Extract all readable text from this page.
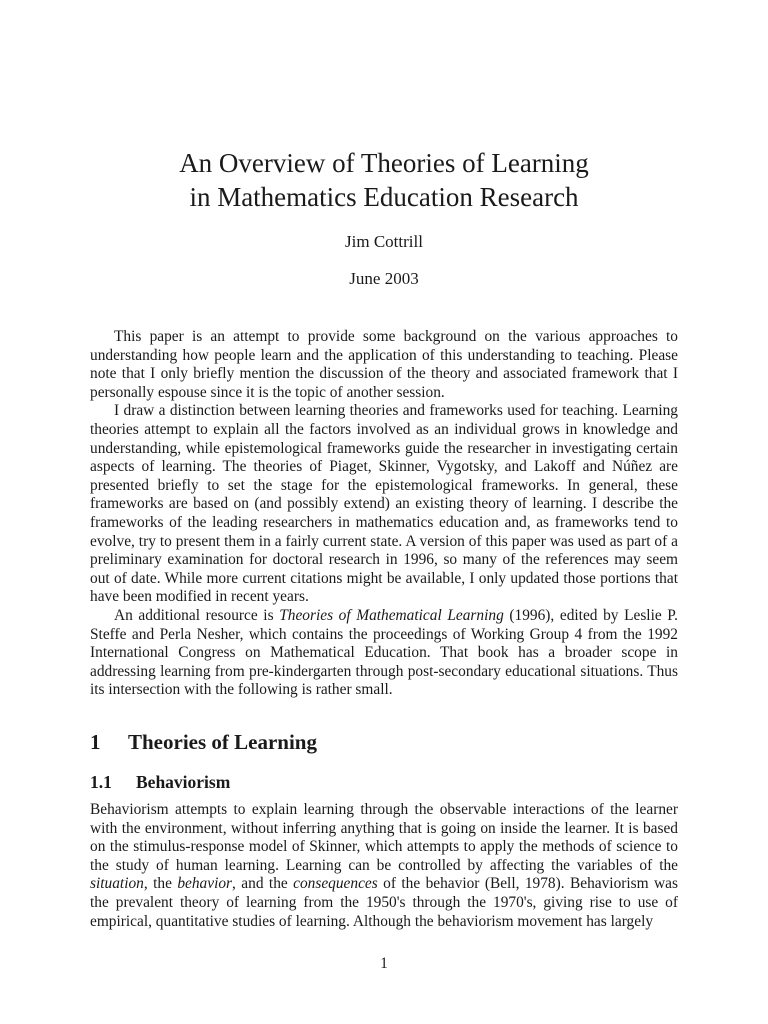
An Overview of Theories of Learning
in Mathematics Education Research
Jim Cottrill
June 2003

This paper is an attempt to provide some background on the various approaches to understanding how people learn and the application of this understanding to teaching. Please note that I only briefly mention the discussion of the theory and associated framework that I personally espouse since it is the topic of another session.

I draw a distinction between learning theories and frameworks used for teaching. Learning theories attempt to explain all the factors involved as an individual grows in knowledge and understanding, while epistemological frameworks guide the researcher in investigating certain aspects of learning. The theories of Piaget, Skinner, Vygotsky, and Lakoff and Núñez are presented briefly to set the stage for the epistemological frameworks. In general, these frameworks are based on (and possibly extend) an existing theory of learning. I describe the frameworks of the leading researchers in mathematics education and, as frameworks tend to evolve, try to present them in a fairly current state. A version of this paper was used as part of a preliminary examination for doctoral research in 1996, so many of the references may seem out of date. While more current citations might be available, I only updated those portions that have been modified in recent years.

An additional resource is Theories of Mathematical Learning (1996), edited by Leslie P. Steffe and Perla Nesher, which contains the proceedings of Working Group 4 from the 1992 International Congress on Mathematical Education. That book has a broader scope in addressing learning from pre-kindergarten through post-secondary educational situations. Thus its intersection with the following is rather small.

1 Theories of Learning
1.1 Behaviorism

Behaviorism attempts to explain learning through the observable interactions of the learner with the environment, without inferring anything that is going on inside the learner. It is based on the stimulus-response model of Skinner, which attempts to apply the methods of science to the study of human learning. Learning can be controlled by affecting the variables of the situation, the behavior, and the consequences of the behavior (Bell, 1978). Behaviorism was the prevalent theory of learning from the 1950's through the 1970's, giving rise to use of empirical, quantitative studies of learning. Although the behaviorism movement has largely

1
